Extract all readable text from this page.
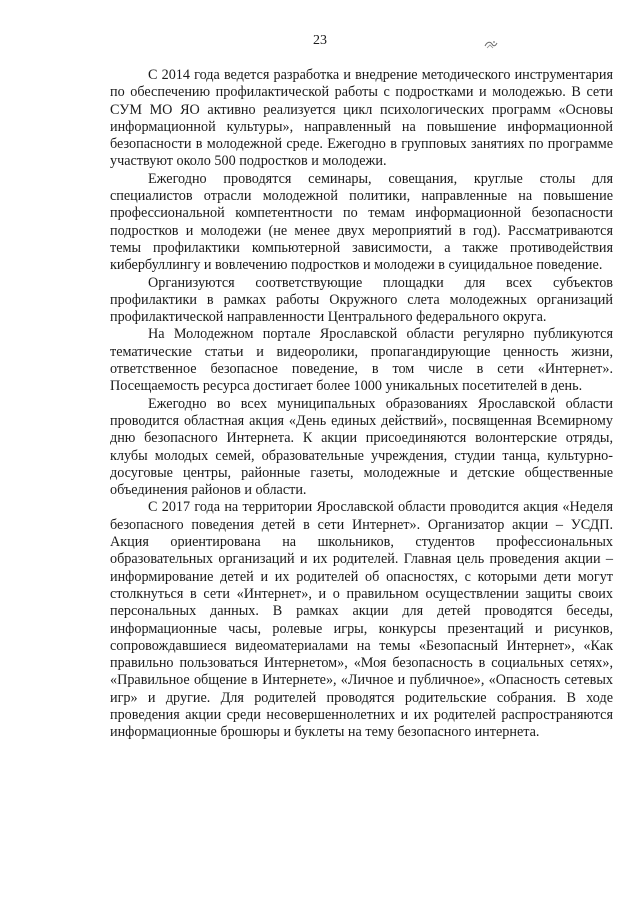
23

С 2014 года ведется разработка и внедрение методического инструментария по обеспечению профилактической работы с подростками и молодежью. В сети СУМ МО ЯО активно реализуется цикл психологических программ «Основы информационной культуры», направленный на повышение информационной безопасности в молодежной среде. Ежегодно в групповых занятиях по программе участвуют около 500 подростков и молодежи.

Ежегодно проводятся семинары, совещания, круглые столы для специалистов отрасли молодежной политики, направленные на повышение профессиональной компетентности по темам информационной безопасности подростков и молодежи (не менее двух мероприятий в год). Рассматриваются темы профилактики компьютерной зависимости, а также противодействия кибербуллингу и вовлечению подростков и молодежи в суицидальное поведение.

Организуются соответствующие площадки для всех субъектов профилактики в рамках работы Окружного слета молодежных организаций профилактической направленности Центрального федерального округа.

На Молодежном портале Ярославской области регулярно публикуются тематические статьи и видеоролики, пропагандирующие ценность жизни, ответственное безопасное поведение, в том числе в сети «Интернет». Посещаемость ресурса достигает более 1000 уникальных посетителей в день.

Ежегодно во всех муниципальных образованиях Ярославской области проводится областная акция «День единых действий», посвященная Всемирному дню безопасного Интернета. К акции присоединяются волонтерские отряды, клубы молодых семей, образовательные учреждения, студии танца, культурно-досуговые центры, районные газеты, молодежные и детские общественные объединения районов и области.

С 2017 года на территории Ярославской области проводится акция «Неделя безопасного поведения детей в сети Интернет». Организатор акции – УСДП. Акция ориентирована на школьников, студентов профессиональных образовательных организаций и их родителей. Главная цель проведения акции – информирование детей и их родителей об опасностях, с которыми дети могут столкнуться в сети «Интернет», и о правильном осуществлении защиты своих персональных данных. В рамках акции для детей проводятся беседы, информационные часы, ролевые игры, конкурсы презентаций и рисунков, сопровождавшиеся видеоматериалами на темы «Безопасный Интернет», «Как правильно пользоваться Интернетом», «Моя безопасность в социальных сетях», «Правильное общение в Интернете», «Личное и публичное», «Опасность сетевых игр» и другие. Для родителей проводятся родительские собрания. В ходе проведения акции среди несовершеннолетних и их родителей распространяются информационные брошюры и буклеты на тему безопасного интернета.
